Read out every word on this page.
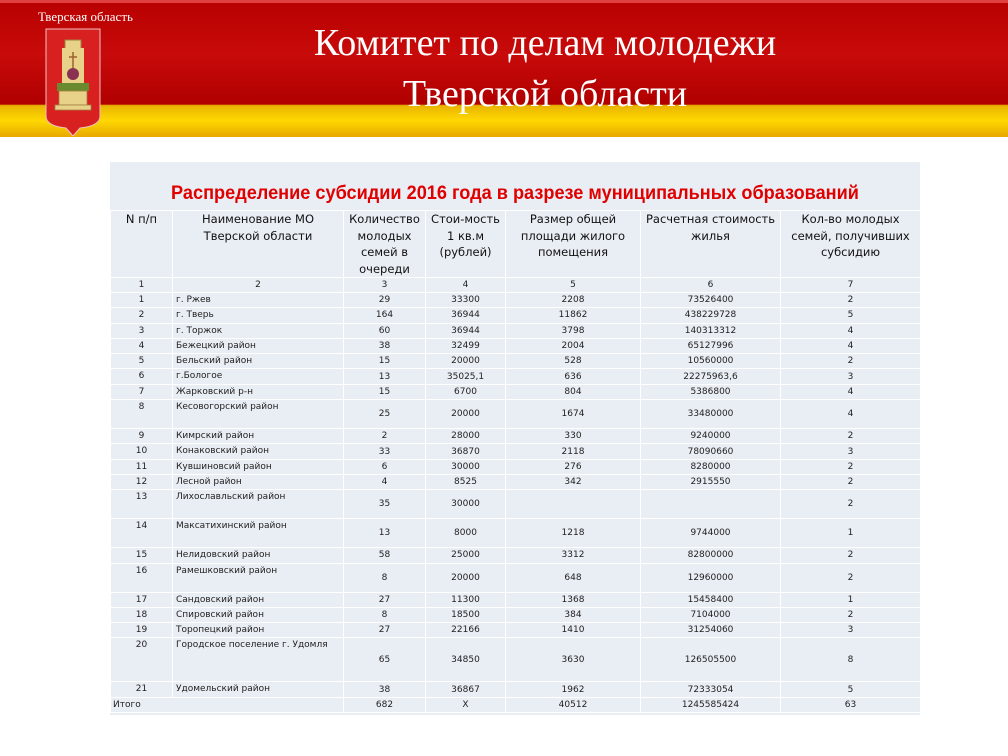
Тверская область
Комитет по делам молодежи
Тверской области
Распределение субсидии 2016 года в разрезе муниципальных образований
N п/п	Наименование МО Тверской области	Количество молодых семей в очереди	Стои-мость 1 кв.м (рублей)	Размер общей площади жилого помещения	Расчетная стоимость жилья	Кол-во молодых семей, получивших субсидию
1	2	3	4	5	6	7
1	г. Ржев	29	33300	2208	73526400	2
2	г. Тверь	164	36944	11862	438229728	5
3	г. Торжок	60	36944	3798	140313312	4
4	Бежецкий район	38	32499	2004	65127996	4
5	Бельский район	15	20000	528	10560000	2
6	г.Бологое	13	35025,1	636	22275963,6	3
7	Жарковский р-н	15	6700	804	5386800	4
8	Кесовогорский район	25	20000	1674	33480000	4
9	Кимрский район	2	28000	330	9240000	2
10	Конаковский район	33	36870	2118	78090660	3
11	Кувшиновсий район	6	30000	276	8280000	2
12	Лесной район	4	8525	342	2915550	2
13	Лихославльский район	35	30000			2
14	Максатихинский район	13	8000	1218	9744000	1
15	Нелидовский район	58	25000	3312	82800000	2
16	Рамешковский район	8	20000	648	12960000	2
17	Сандовский район	27	11300	1368	15458400	1
18	Спировский район	8	18500	384	7104000	2
19	Торопецкий район	27	22166	1410	31254060	3
20	Городское поселение г. Удомля	65	34850	3630	126505500	8
21	Удомельский район	38	36867	1962	72333054	5
Итого		682	Х	40512	1245585424	63
